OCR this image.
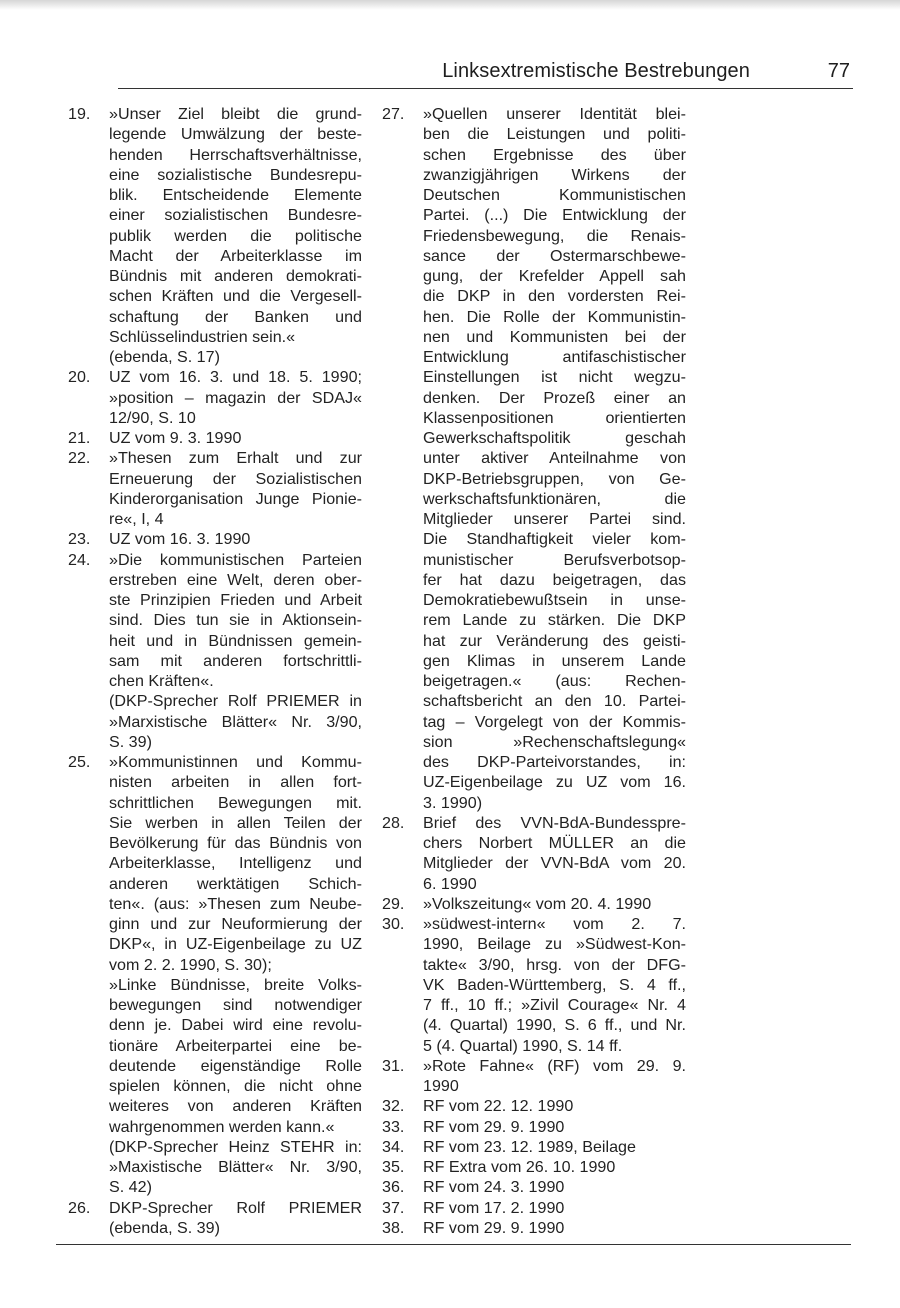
Linksextremistische Bestrebungen	77
19.	»Unser Ziel bleibt die grund-
legende Umwälzung der beste-
henden Herrschaftsverhältnisse,
eine sozialistische Bundesrepu-
blik. Entscheidende Elemente
einer sozialistischen Bundesre-
publik werden die politische
Macht der Arbeiterklasse im
Bündnis mit anderen demokrati-
schen Kräften und die Vergesell-
schaftung der Banken und
Schlüsselindustrien sein.«
(ebenda, S. 17)
20.	UZ vom 16. 3. und 18. 5. 1990;
»position – magazin der SDAJ«
12/90, S. 10
21.	UZ vom 9. 3. 1990
22.	»Thesen zum Erhalt und zur
Erneuerung der Sozialistischen
Kinderorganisation Junge Pionie-
re«, I, 4
23.	UZ vom 16. 3. 1990
24.	»Die kommunistischen Parteien
erstreben eine Welt, deren ober-
ste Prinzipien Frieden und Arbeit
sind. Dies tun sie in Aktionsein-
heit und in Bündnissen gemein-
sam mit anderen fortschrittli-
chen Kräften«.
(DKP-Sprecher Rolf PRIEMER in
»Marxistische Blätter« Nr. 3/90,
S. 39)
25.	»Kommunistinnen und Kommu-
nisten arbeiten in allen fort-
schrittlichen Bewegungen mit.
Sie werben in allen Teilen der
Bevölkerung für das Bündnis von
Arbeiterklasse, Intelligenz und
anderen werktätigen Schich-
ten«. (aus: »Thesen zum Neube-
ginn und zur Neuformierung der
DKP«, in UZ-Eigenbeilage zu UZ
vom 2. 2. 1990, S. 30);
»Linke Bündnisse, breite Volks-
bewegungen sind notwendiger
denn je. Dabei wird eine revolu-
tionäre Arbeiterpartei eine be-
deutende eigenständige Rolle
spielen können, die nicht ohne
weiteres von anderen Kräften
wahrgenommen werden kann.«
(DKP-Sprecher Heinz STEHR in:
»Maxistische Blätter« Nr. 3/90,
S. 42)
26.	DKP-Sprecher Rolf PRIEMER
(ebenda, S. 39)
27.	»Quellen unserer Identität blei-
ben die Leistungen und politi-
schen Ergebnisse des über
zwanzigjährigen Wirkens der
Deutschen Kommunistischen
Partei. (...) Die Entwicklung der
Friedensbewegung, die Renais-
sance der Ostermarschbewe-
gung, der Krefelder Appell sah
die DKP in den vordersten Rei-
hen. Die Rolle der Kommunistin-
nen und Kommunisten bei der
Entwicklung antifaschistischer
Einstellungen ist nicht wegzu-
denken. Der Prozeß einer an
Klassenpositionen orientierten
Gewerkschaftspolitik geschah
unter aktiver Anteilnahme von
DKP-Betriebsgruppen, von Ge-
werkschaftsfunktionären, die
Mitglieder unserer Partei sind.
Die Standhaftigkeit vieler kom-
munistischer Berufsverbotsop-
fer hat dazu beigetragen, das
Demokratiebewußtsein in unse-
rem Lande zu stärken. Die DKP
hat zur Veränderung des geisti-
gen Klimas in unserem Lande
beigetragen.« (aus: Rechen-
schaftsbericht an den 10. Partei-
tag – Vorgelegt von der Kommis-
sion »Rechenschaftslegung«
des DKP-Parteivorstandes, in:
UZ-Eigenbeilage zu UZ vom 16.
3. 1990)
28.	Brief des VVN-BdA-Bundesspre-
chers Norbert MÜLLER an die
Mitglieder der VVN-BdA vom 20.
6. 1990
29.	»Volkszeitung« vom 20. 4. 1990
30.	»südwest-intern« vom 2. 7.
1990, Beilage zu »Südwest-Kon-
takte« 3/90, hrsg. von der DFG-
VK Baden-Württemberg, S. 4 ff.,
7 ff., 10 ff.; »Zivil Courage« Nr. 4
(4. Quartal) 1990, S. 6 ff., und Nr.
5 (4. Quartal) 1990, S. 14 ff.
31.	»Rote Fahne« (RF) vom 29. 9.
1990
32.	RF vom 22. 12. 1990
33.	RF vom 29. 9. 1990
34.	RF vom 23. 12. 1989, Beilage
35.	RF Extra vom 26. 10. 1990
36.	RF vom 24. 3. 1990
37.	RF vom 17. 2. 1990
38.	RF vom 29. 9. 1990
